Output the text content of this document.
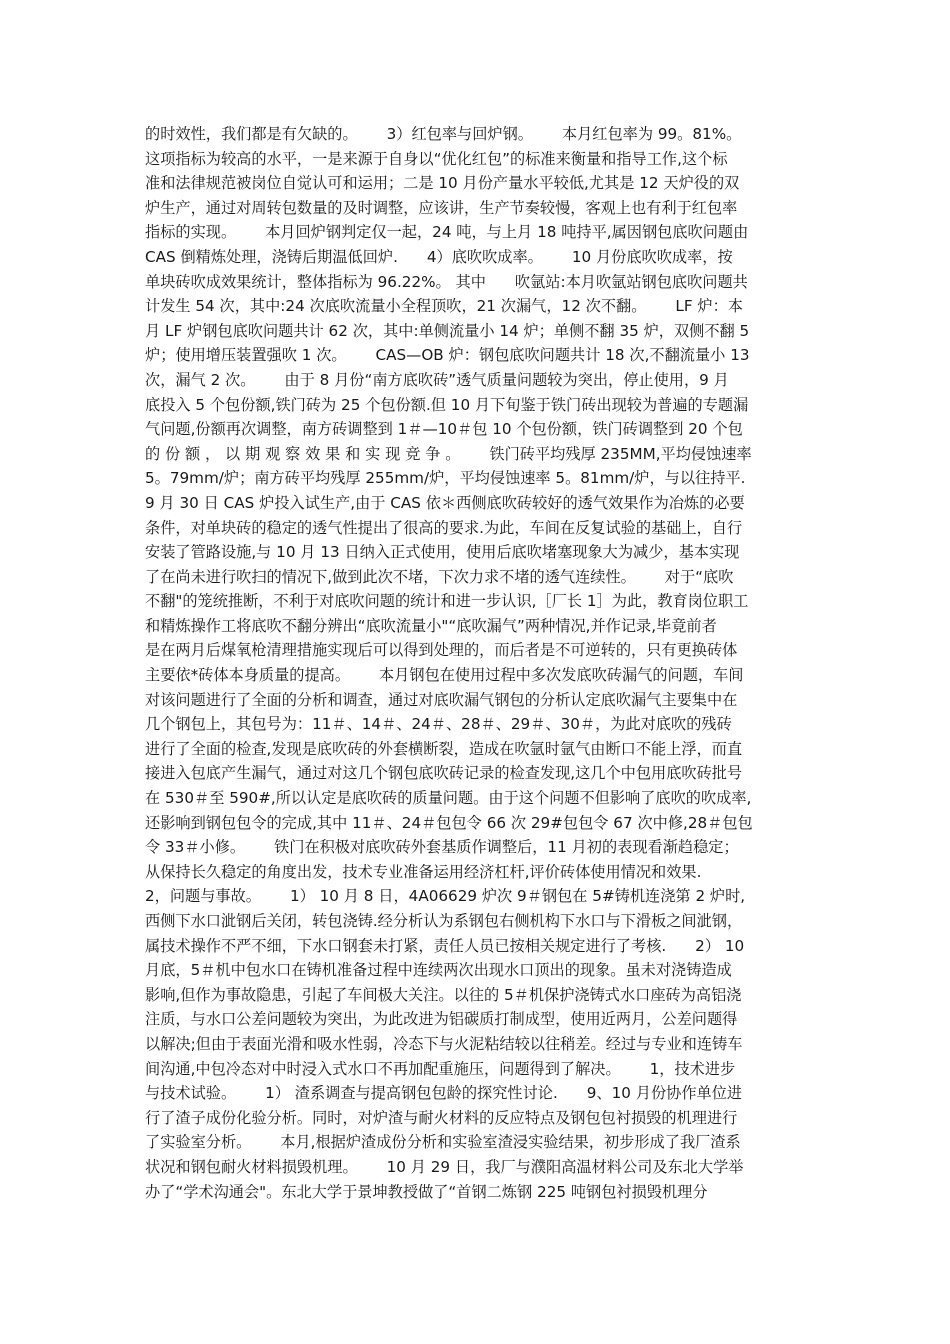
的时效性，我们都是有欠缺的。      3）红包率与回炉钢。      本月红包率为 99。81%。
这项指标为较高的水平，一是来源于自身以“优化红包”的标准来衡量和指导工作,这个标
准和法律规范被岗位自觉认可和运用；二是 10 月份产量水平较低,尤其是 12 天炉役的双
炉生产，通过对周转包数量的及时调整，应该讲，生产节奏较慢，客观上也有利于红包率
指标的实现。      本月回炉钢判定仅一起，24 吨，与上月 18 吨持平,属因钢包底吹问题由
CAS 倒精炼处理，浇铸后期温低回炉.      4）底吹吹成率。      10 月份底吹吹成率，按
单块砖吹成效果统计，整体指标为 96.22%。 其中      吹氩站:本月吹氩站钢包底吹问题共
计发生 54 次，其中:24 次底吹流量小全程顶吹，21 次漏气，12 次不翻。      LF 炉：本
月 LF 炉钢包底吹问题共计 62 次，其中:单侧流量小 14 炉；单侧不翻 35 炉，双侧不翻 5
炉；使用增压装置强吹 1 次。      CAS—OB 炉：钢包底吹问题共计 18 次,不翻流量小 13
次，漏气 2 次。      由于 8 月份“南方底吹砖”透气质量问题较为突出，停止使用，9 月
底投入 5 个包份额,铁门砖为 25 个包份额.但 10 月下旬鉴于铁门砖出现较为普遍的专题漏
气问题,份额再次调整，南方砖调整到 1＃—10＃包 10 个包份额，铁门砖调整到 20 个包
的 份 额 ， 以 期 观 察 效 果 和 实 现 竞 争 。      铁门砖平均残厚 235MM,平均侵蚀速率
5。79mm/炉；南方砖平均残厚 255mm/炉，平均侵蚀速率 5。81mm/炉，与以往持平.
9 月 30 日 CAS 炉投入试生产,由于 CAS 依＊西侧底吹砖较好的透气效果作为冶炼的必要
条件，对单块砖的稳定的透气性提出了很高的要求.为此，车间在反复试验的基础上，自行
安装了管路设施,与 10 月 13 日纳入正式使用，使用后底吹堵塞现象大为减少，基本实现
了在尚未进行吹扫的情况下,做到此次不堵，下次力求不堵的透气连续性。      对于“底吹
不翻"的笼统推断，不利于对底吹问题的统计和进一步认识,［厂长 1］为此，教育岗位职工
和精炼操作工将底吹不翻分辨出“底吹流量小"“底吹漏气”两种情况,并作记录,毕竟前者
是在两月后煤氧枪清理措施实现后可以得到处理的，而后者是不可逆转的，只有更换砖体
主要依*砖体本身质量的提高。      本月钢包在使用过程中多次发底吹砖漏气的问题，车间
对该问题进行了全面的分析和调查，通过对底吹漏气钢包的分析认定底吹漏气主要集中在
几个钢包上，其包号为：11＃、14＃、24＃、28＃、29＃、30＃，为此对底吹的残砖
进行了全面的检查,发现是底吹砖的外套横断裂，造成在吹氩时氩气由断口不能上浮，而直
接进入包底产生漏气，通过对这几个钢包底吹砖记录的检查发现,这几个中包用底吹砖批号
在 530＃至 590#,所以认定是底吹砖的质量问题。由于这个问题不但影响了底吹的吹成率,
还影响到钢包包令的完成,其中 11＃、24＃包包令 66 次 29#包包令 67 次中修,28＃包包
令 33＃小修。      铁门在积极对底吹砖外套基质作调整后，11 月初的表现看渐趋稳定；
从保持长久稳定的角度出发，技术专业准备运用经济杠杆,评价砖体使用情况和效果.
2，问题与事故。      1） 10 月 8 日，4A06629 炉次 9＃钢包在 5#铸机连浇第 2 炉时,
西侧下水口泚钢后关闭，转包浇铸.经分析认为系钢包右侧机构下水口与下滑板之间泚钢，
属技术操作不严不细，下水口钢套未打紧，责任人员已按相关规定进行了考核.      2） 10
月底，5＃机中包水口在铸机准备过程中连续两次出现水口顶出的现象。虽未对浇铸造成
影响,但作为事故隐患，引起了车间极大关注。以往的 5＃机保护浇铸式水口座砖为高铝浇
注质，与水口公差问题较为突出，为此改进为铝碳质打制成型，使用近两月，公差问题得
以解决;但由于表面光滑和吸水性弱，冷态下与火泥粘结较以往稍差。经过与专业和连铸车
间沟通,中包冷态对中时浸入式水口不再加配重施压，问题得到了解决。      1，技术进步
与技术试验。      1） 渣系调查与提高钢包包龄的探究性讨论.      9、10 月份协作单位进
行了渣子成份化验分析。同时，对炉渣与耐火材料的反应特点及钢包包衬损毁的机理进行
了实验室分析。      本月,根据炉渣成份分析和实验室渣浸实验结果，初步形成了我厂渣系
状况和钢包耐火材料损毁机理。      10 月 29 日，我厂与濮阳高温材料公司及东北大学举
办了“学术沟通会"。东北大学于景坤教授做了“首钢二炼钢 225 吨钢包衬损毁机理分
